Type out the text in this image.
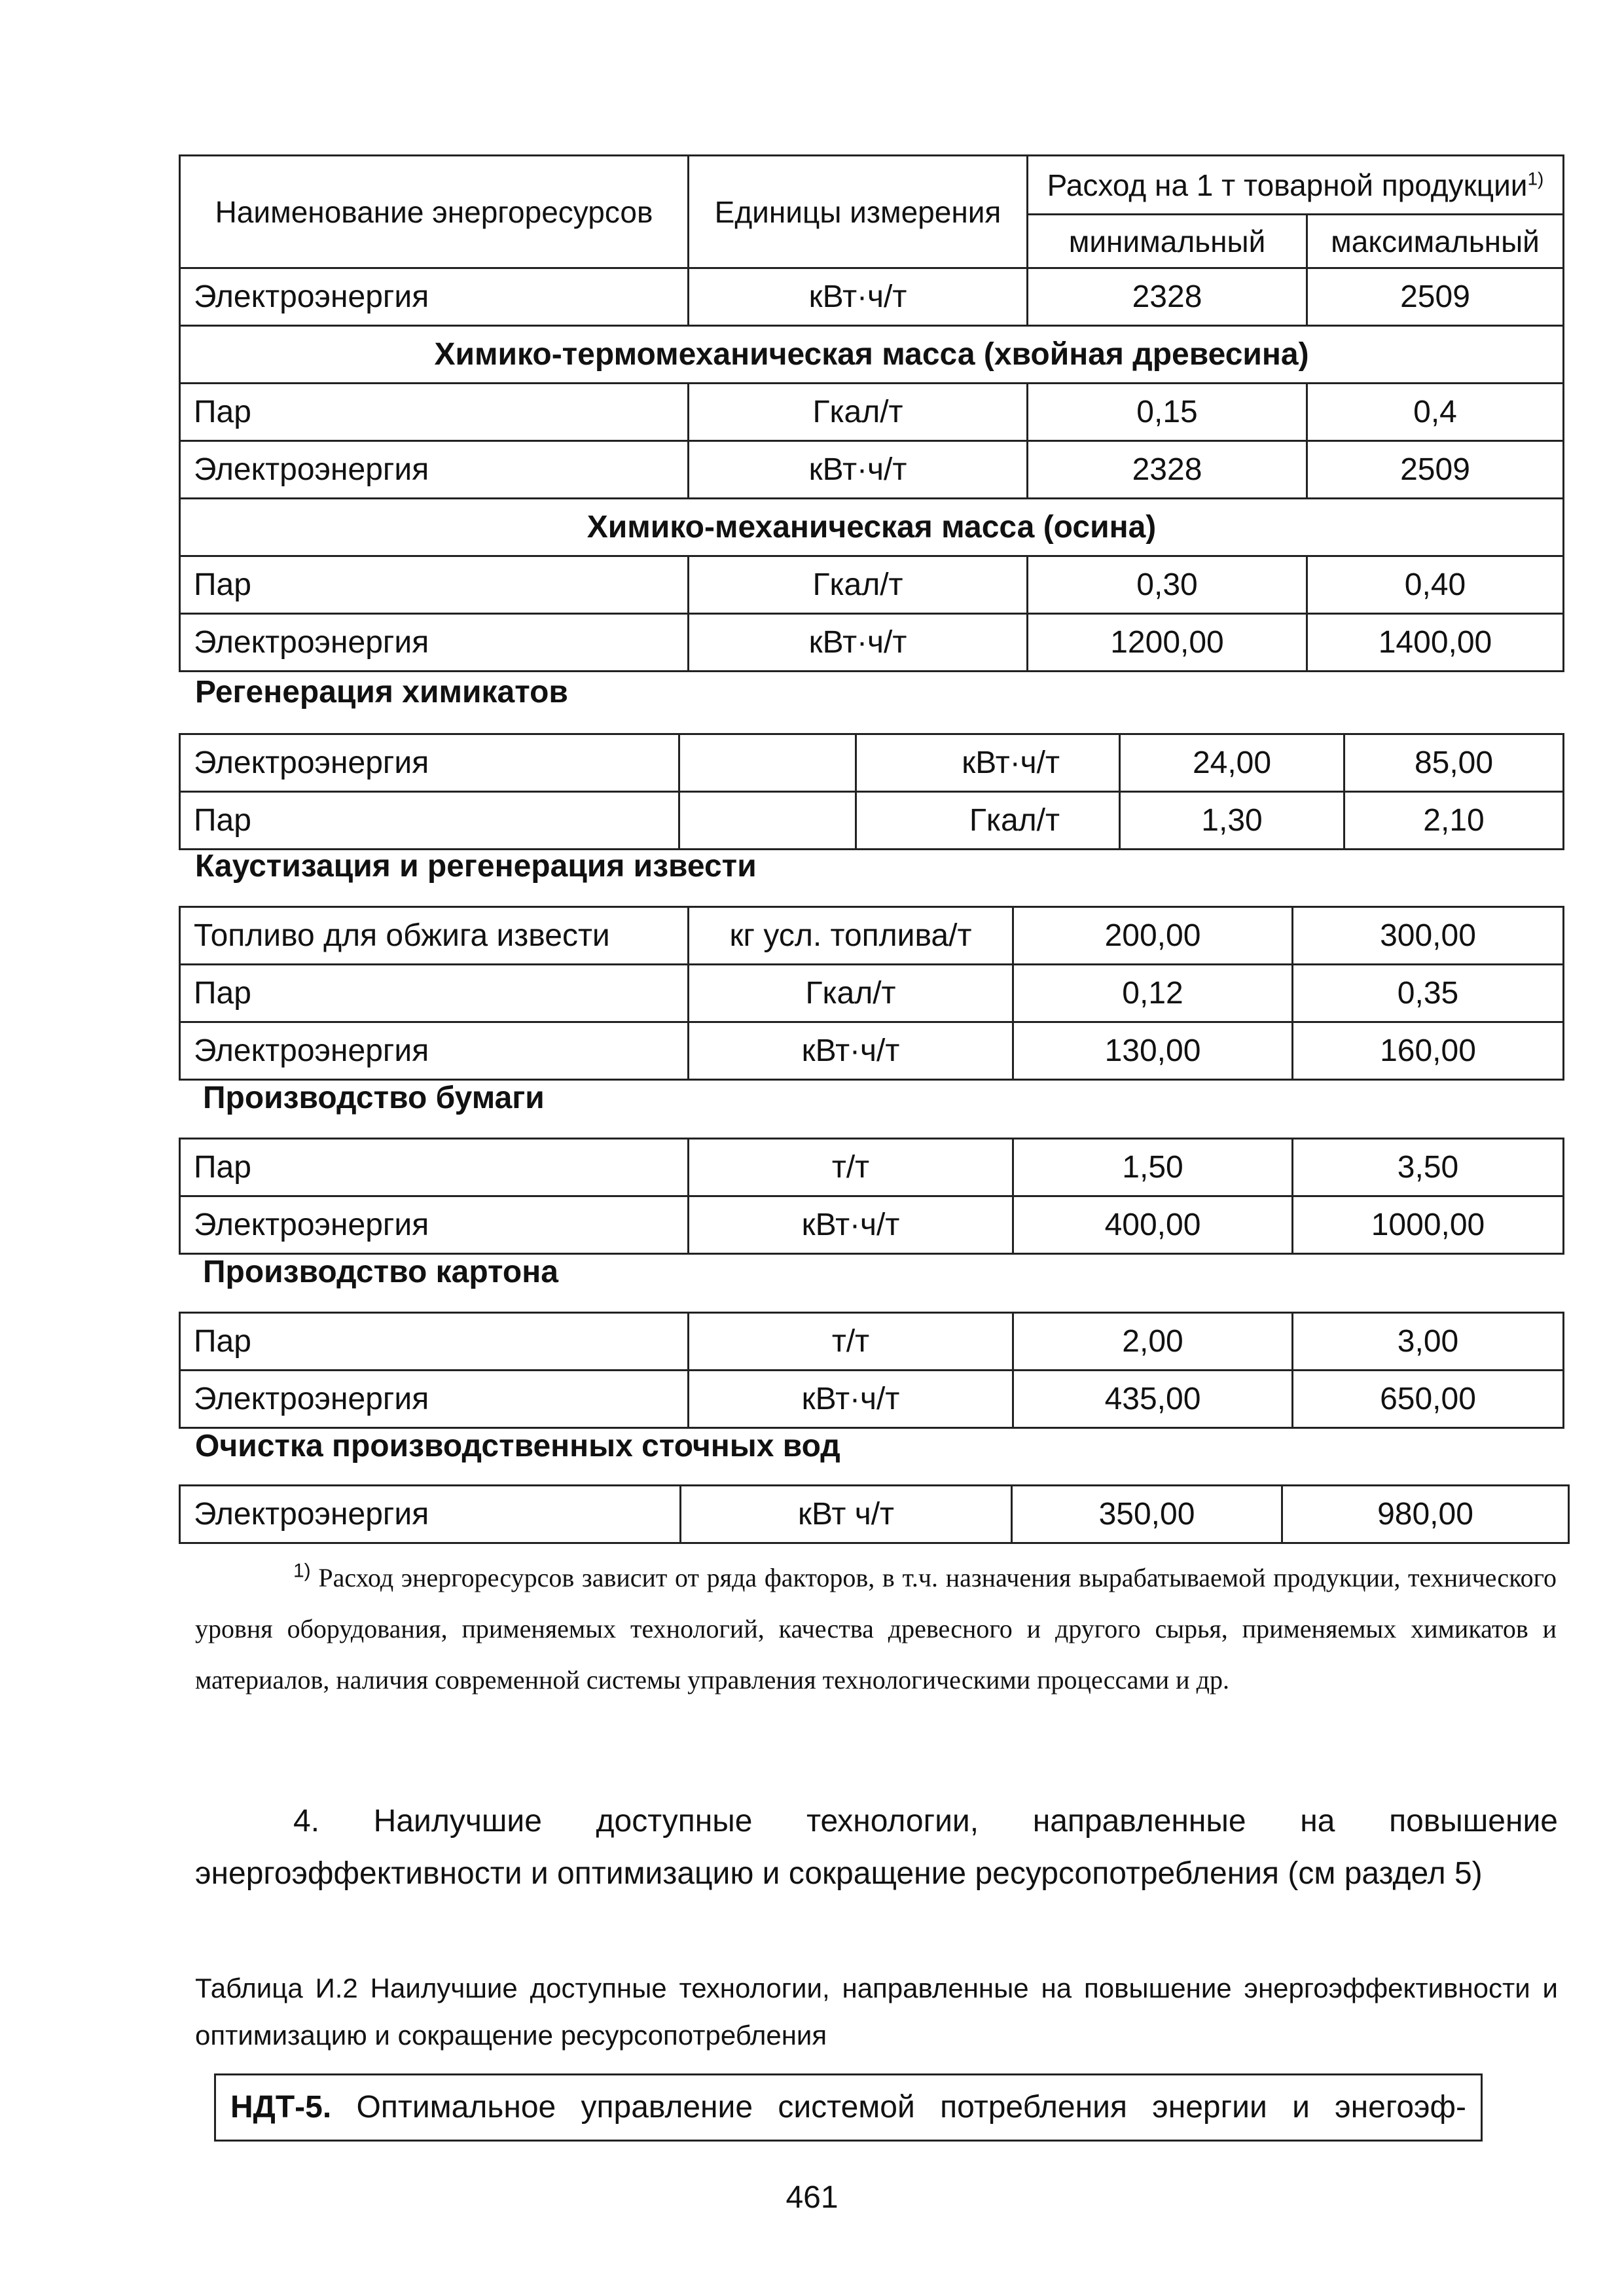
Наименование энергоресурсов	Единицы измерения	Расход на 1 т товарной продукции$^{1)}$
		минимальный	максимальный
Электроэнергия	кВт·ч/т	2328	2509
Химико-термомеханическая масса (хвойная древесина)			
Пар	Гкал/т	0,15	0,4
Электроэнергия	кВт·ч/т	2328	2509
Химико-механическая масса (осина)			
Пар	Гкал/т	0,30	0,40
Электроэнергия	кВт·ч/т	1200,00	1400,00
Регенерация химикатов
Электроэнергия		кВт·ч/т	24,00	85,00
Пар		Гкал/т	1,30	2,10
Каустизация и регенерация извести
Топливо для обжига извести	кг усл. топлива/т	200,00	300,00
Пар	Гкал/т	0,12	0,35
Электроэнергия	кВт·ч/т	130,00	160,00
Производство бумаги
Пар	т/т	1,50	3,50
Электроэнергия	кВт·ч/т	400,00	1000,00
Производство картона
Пар	т/т	2,00	3,00
Электроэнергия	кВт·ч/т	435,00	650,00
Очистка производственных сточных вод
Электроэнергия	кВт ч/т	350,00	980,00
$^{1)}$ Расход энергоресурсов зависит от ряда факторов, в т.ч. назначения вырабатываемой продукции, технического уровня оборудования, применяемых технологий, качества древесного и другого сырья, применяемых химикатов и материалов, наличия современной системы управления технологическими процессами и др.
4. Наилучшие доступные технологии, направленные на повышение энергоэффективности и оптимизацию и сокращение ресурсопотребления (см раздел 5)
Таблица И.2 Наилучшие доступные технологии, направленные на повышение энергоэффективности и оптимизацию и сокращение ресурсопотребления
НДТ-5. Оптимальное управление системой потребления энергии и энегоэф-
461
